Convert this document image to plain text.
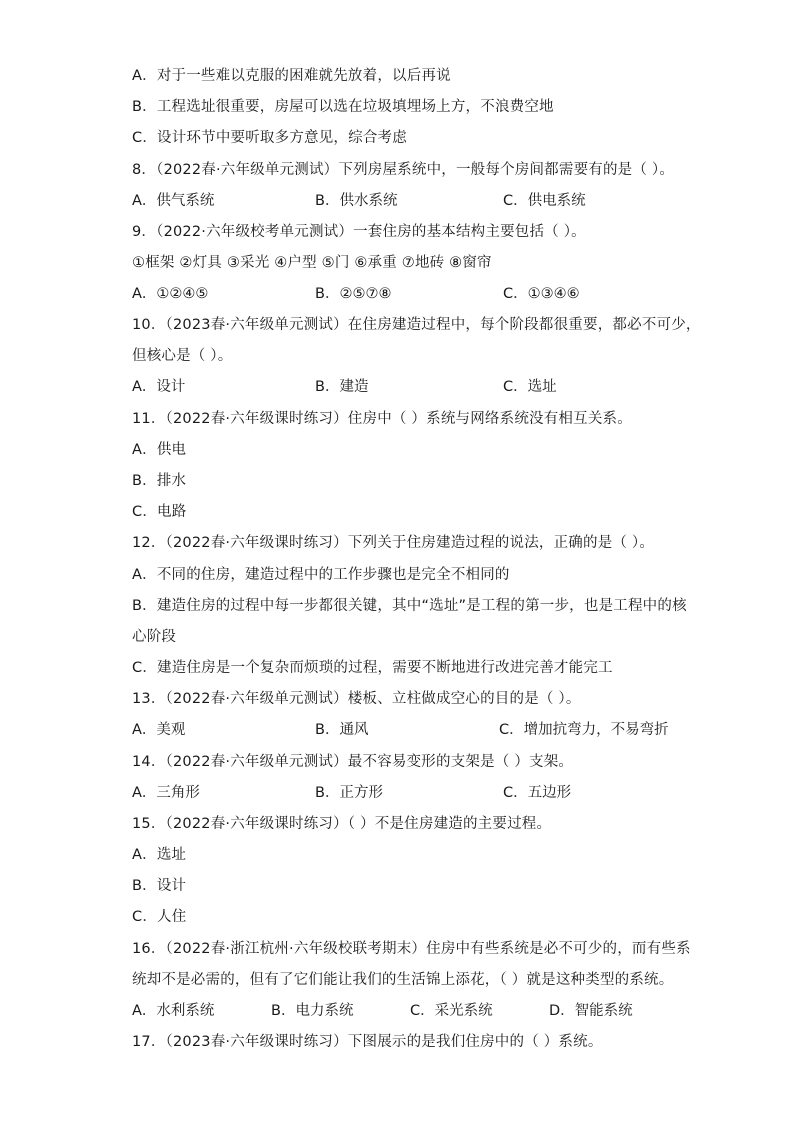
A．对于一些难以克服的困难就先放着，以后再说
B．工程选址很重要，房屋可以选在垃圾填埋场上方，不浪费空地
C．设计环节中要听取多方意见，综合考虑
8．（2022春·六年级单元测试）下列房屋系统中，一般每个房间都需要有的是（ ）。
A．供气系统	B．供水系统	C．供电系统
9．（2022·六年级校考单元测试）一套住房的基本结构主要包括（ ）。
①框架 ②灯具 ③采光 ④户型 ⑤门 ⑥承重 ⑦地砖 ⑧窗帘
A．①②④⑤	B．②⑤⑦⑧	C．①③④⑥
10．（2023春·六年级单元测试）在住房建造过程中，每个阶段都很重要，都必不可少，
但核心是（ ）。
A．设计	B．建造	C．选址
11．（2022春·六年级课时练习）住房中（ ）系统与网络系统没有相互关系。
A．供电
B．排水
C．电路
12．（2022春·六年级课时练习）下列关于住房建造过程的说法，正确的是（ ）。
A．不同的住房，建造过程中的工作步骤也是完全不相同的
B．建造住房的过程中每一步都很关键，其中“选址”是工程的第一步，也是工程中的核
心阶段
C．建造住房是一个复杂而烦琐的过程，需要不断地进行改进完善才能完工
13．（2022春·六年级单元测试）楼板、立柱做成空心的目的是（ ）。
A．美观	B．通风	C．增加抗弯力，不易弯折
14．（2022春·六年级单元测试）最不容易变形的支架是（ ）支架。
A．三角形	B．正方形	C．五边形
15．（2022春·六年级课时练习）（ ）不是住房建造的主要过程。
A．选址
B．设计
C．人住
16．（2022春·浙江杭州·六年级校联考期末）住房中有些系统是必不可少的，而有些系
统却不是必需的，但有了它们能让我们的生活锦上添花，（ ）就是这种类型的系统。
A．水利系统	B．电力系统	C．采光系统	D．智能系统
17．（2023春·六年级课时练习）下图展示的是我们住房中的（ ）系统。
